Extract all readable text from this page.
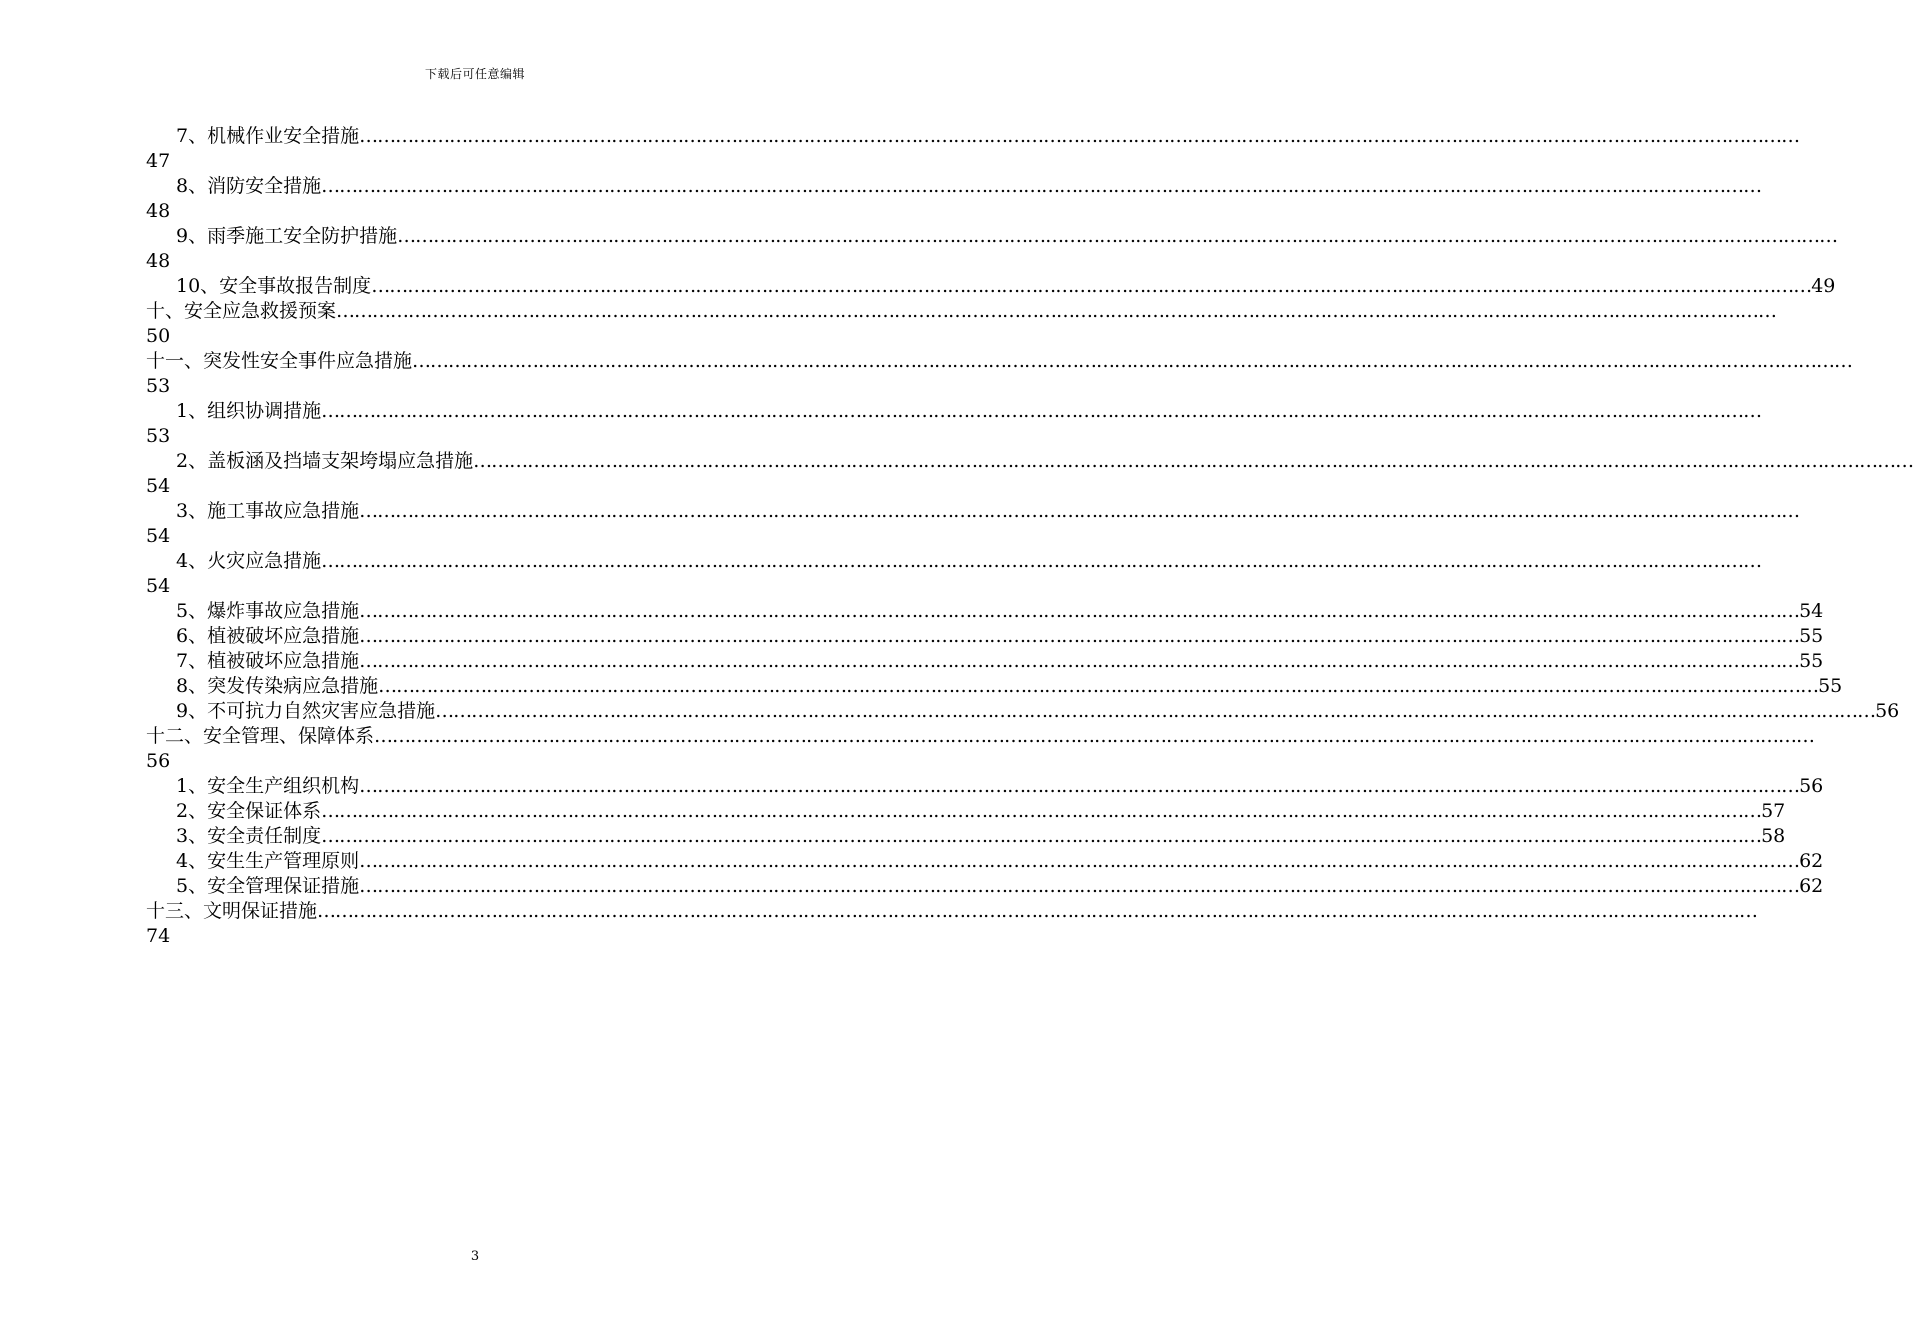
下载后可任意编辑
7、机械作业安全措施 ……………………………………………………………………………………………………………………………………………………………………………………………………………………
47
8、消防安全措施 ……………………………………………………………………………………………………………………………………………………………………………………………………………………
48
9、雨季施工安全防护措施 ……………………………………………………………………………………………………………………………………………………………………………………………………………………
48
10、安全事故报告制度 …………………………………………………………………………………………………………………………………………………………………………………………………………………… 49
十、安全应急救援预案 ……………………………………………………………………………………………………………………………………………………………………………………………………………………
50
十一、突发性安全事件应急措施 ……………………………………………………………………………………………………………………………………………………………………………………………………………………
53
1、组织协调措施 ……………………………………………………………………………………………………………………………………………………………………………………………………………………
53
2、盖板涵及挡墙支架垮塌应急措施 ……………………………………………………………………………………………………………………………………………………………………………………………………………………
54
3、施工事故应急措施 ……………………………………………………………………………………………………………………………………………………………………………………………………………………
54
4、火灾应急措施 ……………………………………………………………………………………………………………………………………………………………………………………………………………………
54
5、爆炸事故应急措施 …………………………………………………………………………………………………………………………………………………………………………………………………………………… 54
6、植被破坏应急措施 …………………………………………………………………………………………………………………………………………………………………………………………………………………… 55
7、植被破坏应急措施 …………………………………………………………………………………………………………………………………………………………………………………………………………………… 55
8、突发传染病应急措施 …………………………………………………………………………………………………………………………………………………………………………………………………………………… 55
9、不可抗力自然灾害应急措施 …………………………………………………………………………………………………………………………………………………………………………………………………………………… 56
十二、安全管理、保障体系 ……………………………………………………………………………………………………………………………………………………………………………………………………………………
56
1、安全生产组织机构 …………………………………………………………………………………………………………………………………………………………………………………………………………………… 56
2、安全保证体系 …………………………………………………………………………………………………………………………………………………………………………………………………………………… 57
3、安全责任制度 …………………………………………………………………………………………………………………………………………………………………………………………………………………… 58
4、安生生产管理原则 …………………………………………………………………………………………………………………………………………………………………………………………………………………… 62
5、安全管理保证措施 …………………………………………………………………………………………………………………………………………………………………………………………………………………… 62
十三、文明保证措施 ……………………………………………………………………………………………………………………………………………………………………………………………………………………
74
3
